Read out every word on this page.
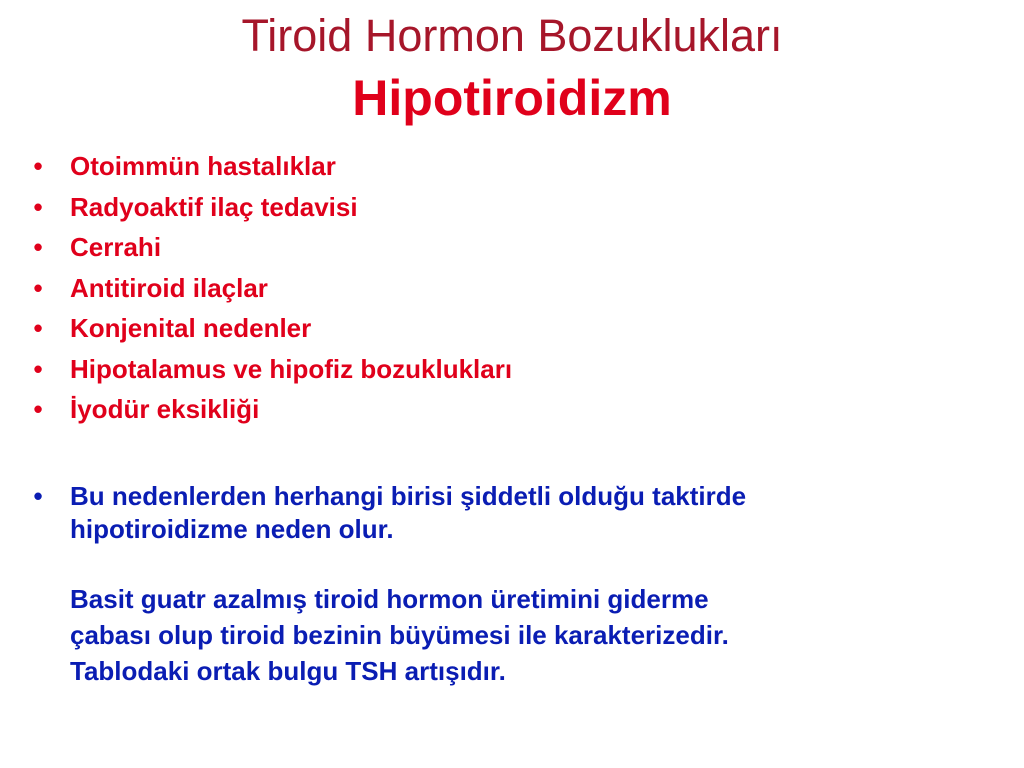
Tiroid Hormon Bozuklukları
Hipotiroidizm
• Otoimmün hastalıklar
• Radyoaktif ilaç tedavisi
• Cerrahi
• Antitiroid ilaçlar
• Konjenital nedenler
• Hipotalamus ve hipofiz bozuklukları
• İyodür eksikliği
• Bu nedenlerden herhangi birisi şiddetli olduğu taktirde
hipotiroidizme neden olur.
Basit guatr azalmış tiroid hormon üretimini giderme
çabası olup tiroid bezinin büyümesi ile karakterizedir.
Tablodaki ortak bulgu TSH artışıdır.
